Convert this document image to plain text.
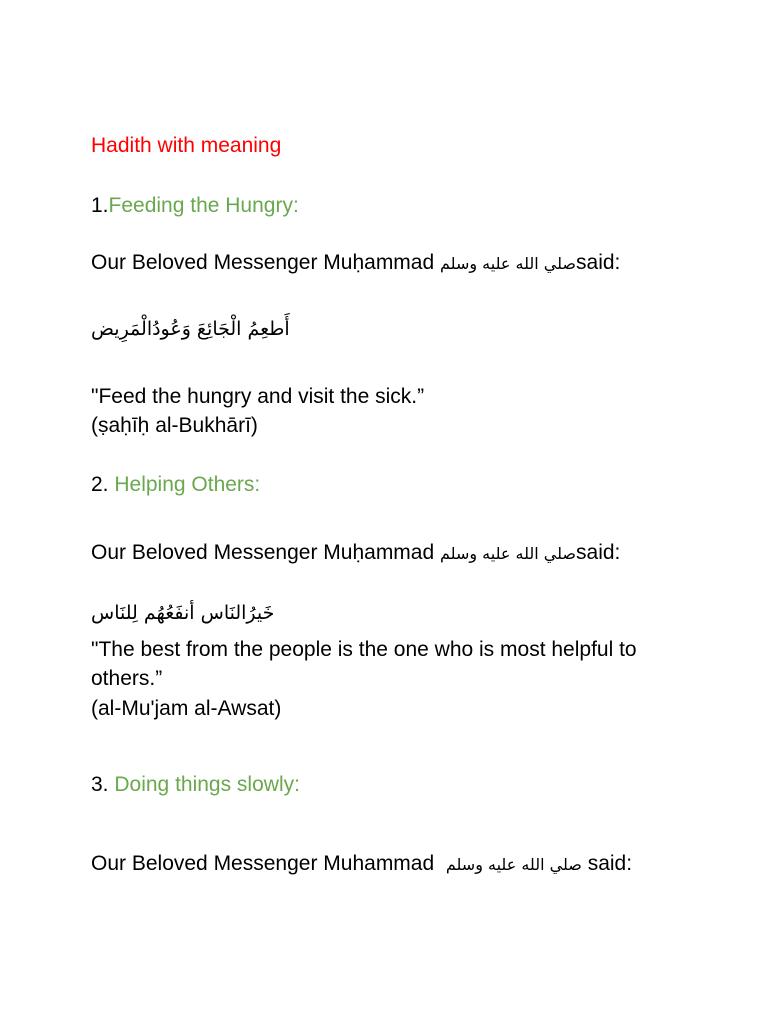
Hadith with meaning
1.Feeding the Hungry:
Our Beloved Messenger Muḥammad صلي الله عليه وسلمsaid:
أَطعِمُ الْجَائِعَ وَعُودُالْمَرِيض
"Feed the hungry and visit the sick.”
(ṣaḥīḥ al-Bukhārī)
2. Helping Others:
Our Beloved Messenger Muḥammad صلي الله عليه وسلمsaid:
خَيرُالنَاس أنفَعُهُم لِلنَاس
"The best from the people is the one who is most helpful to
others.”
(al-Mu'jam al-Awsat)
3. Doing things slowly:
Our Beloved Messenger Muhammad صلي الله عليه وسلم said:
